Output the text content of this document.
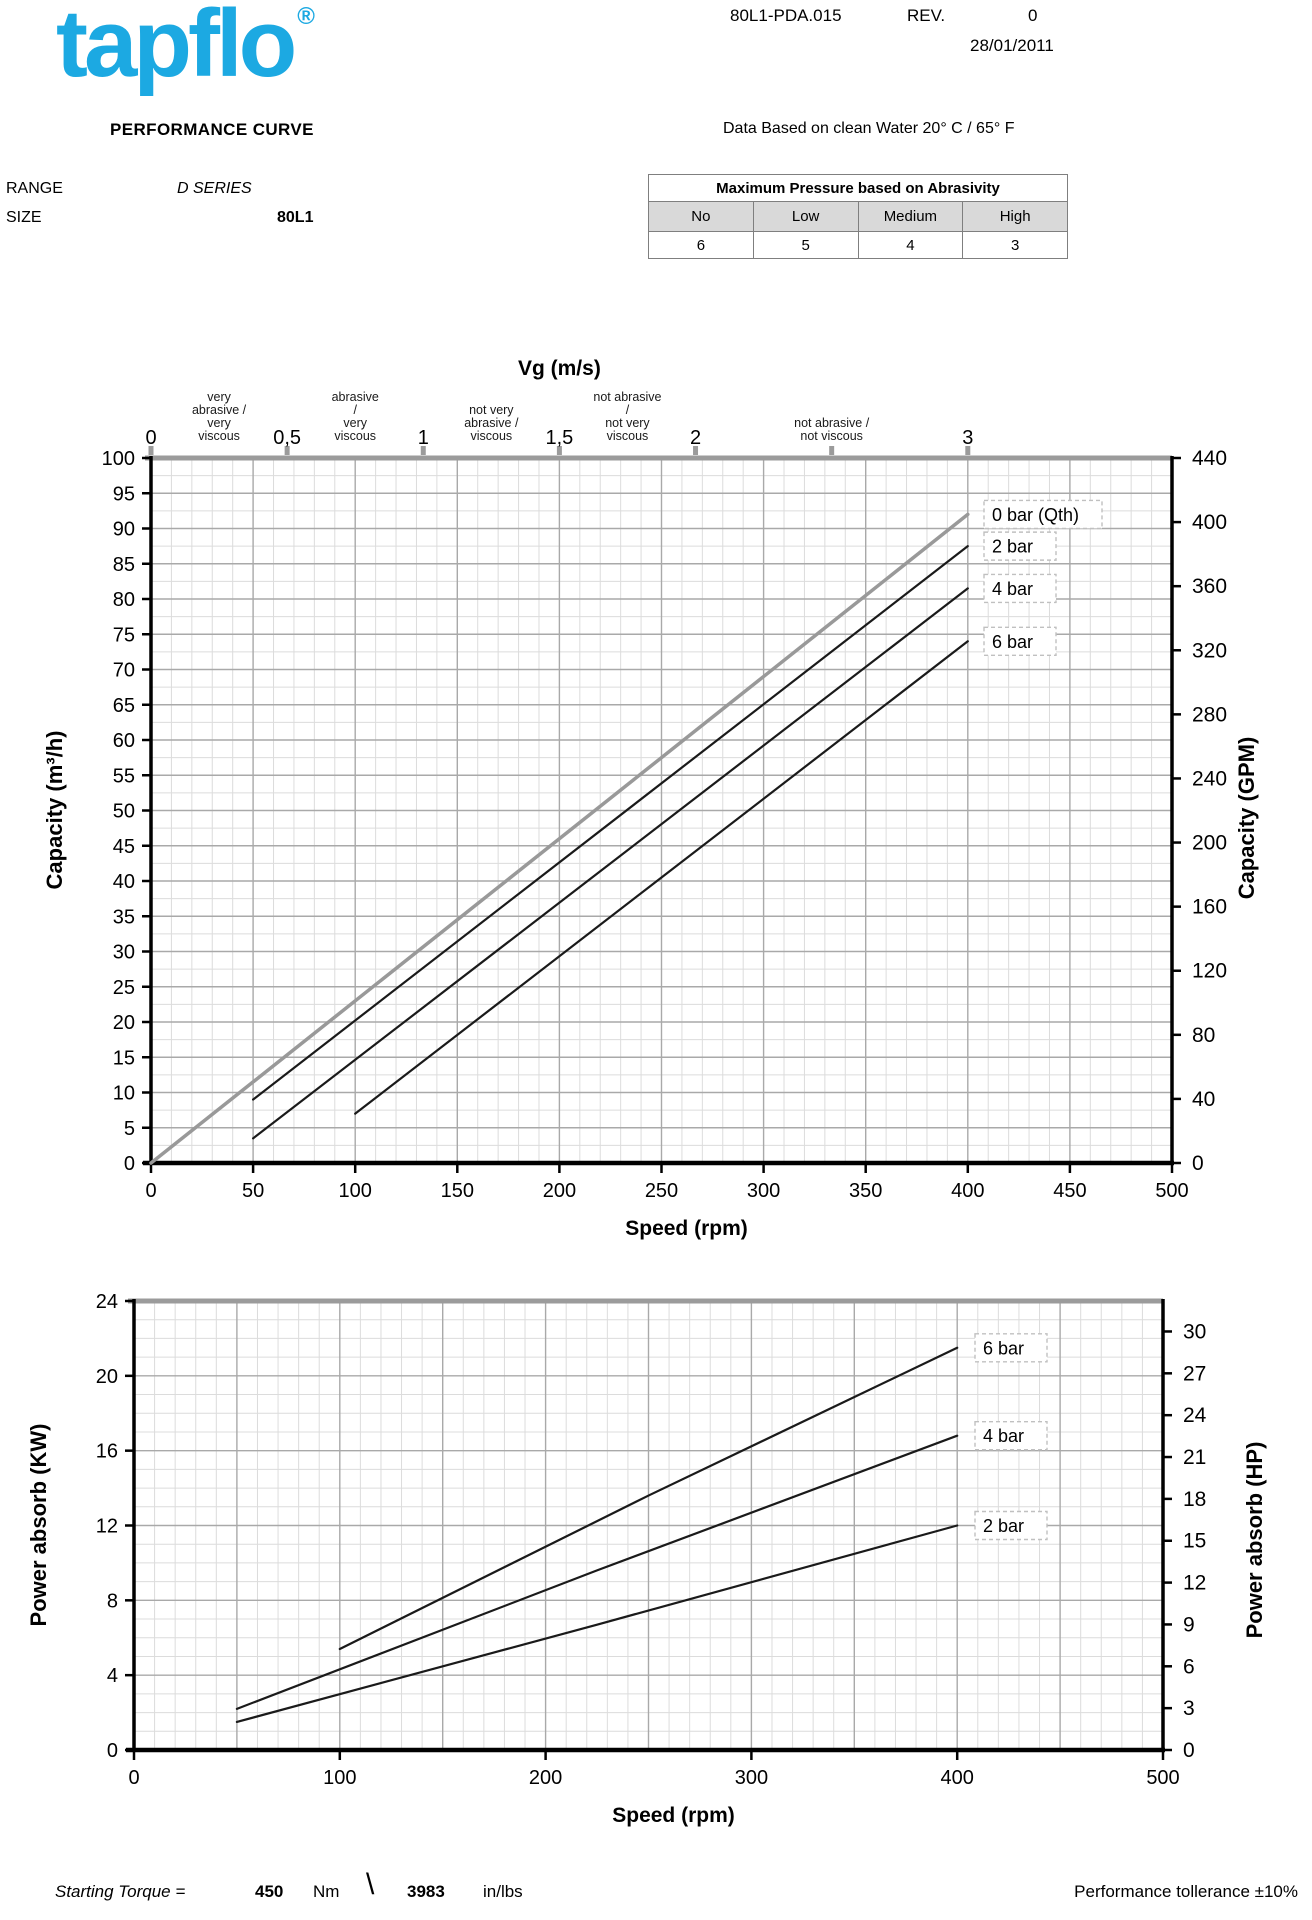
0
5
10
15
20
25
30
35
40
45
50
55
60
65
70
75
80
85
90
95
100
0	50	100	150	200	250	300	350	400	450	500
0
40
80
120
160
200
240
280
320
360
400
440
0 bar (Qth)
2 bar
4 bar
6 bar
Capacity (m³/h)	Capacity (GPM)
Speed (rpm)
0	0,5	1	1,5	2	3
very abrasive / very viscous
abrasive / very viscous
not very abrasive / viscous
not abrasive / not very viscous
not abrasive / not viscous
Vg (m/s)
0
4
8
12
16
20
24
0	100	200	300	400	500
0
3
6
9
12
15
18
21
24
27
30
6 bar
4 bar
2 bar
Power absorb (KW)	Power absorb (HP)
Speed (rpm)
tapflo ®	80L1-PDA.015	REV.	0
28/01/2011
PERFORMANCE CURVE	Data Based on clean Water 20° C / 65° F
RANGE	D SERIES
SIZE	80L1
Maximum Pressure based on Abrasivity			
No	Low	Medium	High
6	5	4	3
Starting Torque =	450 Nm \ 3983 in/lbs	Performance tollerance ±10%
